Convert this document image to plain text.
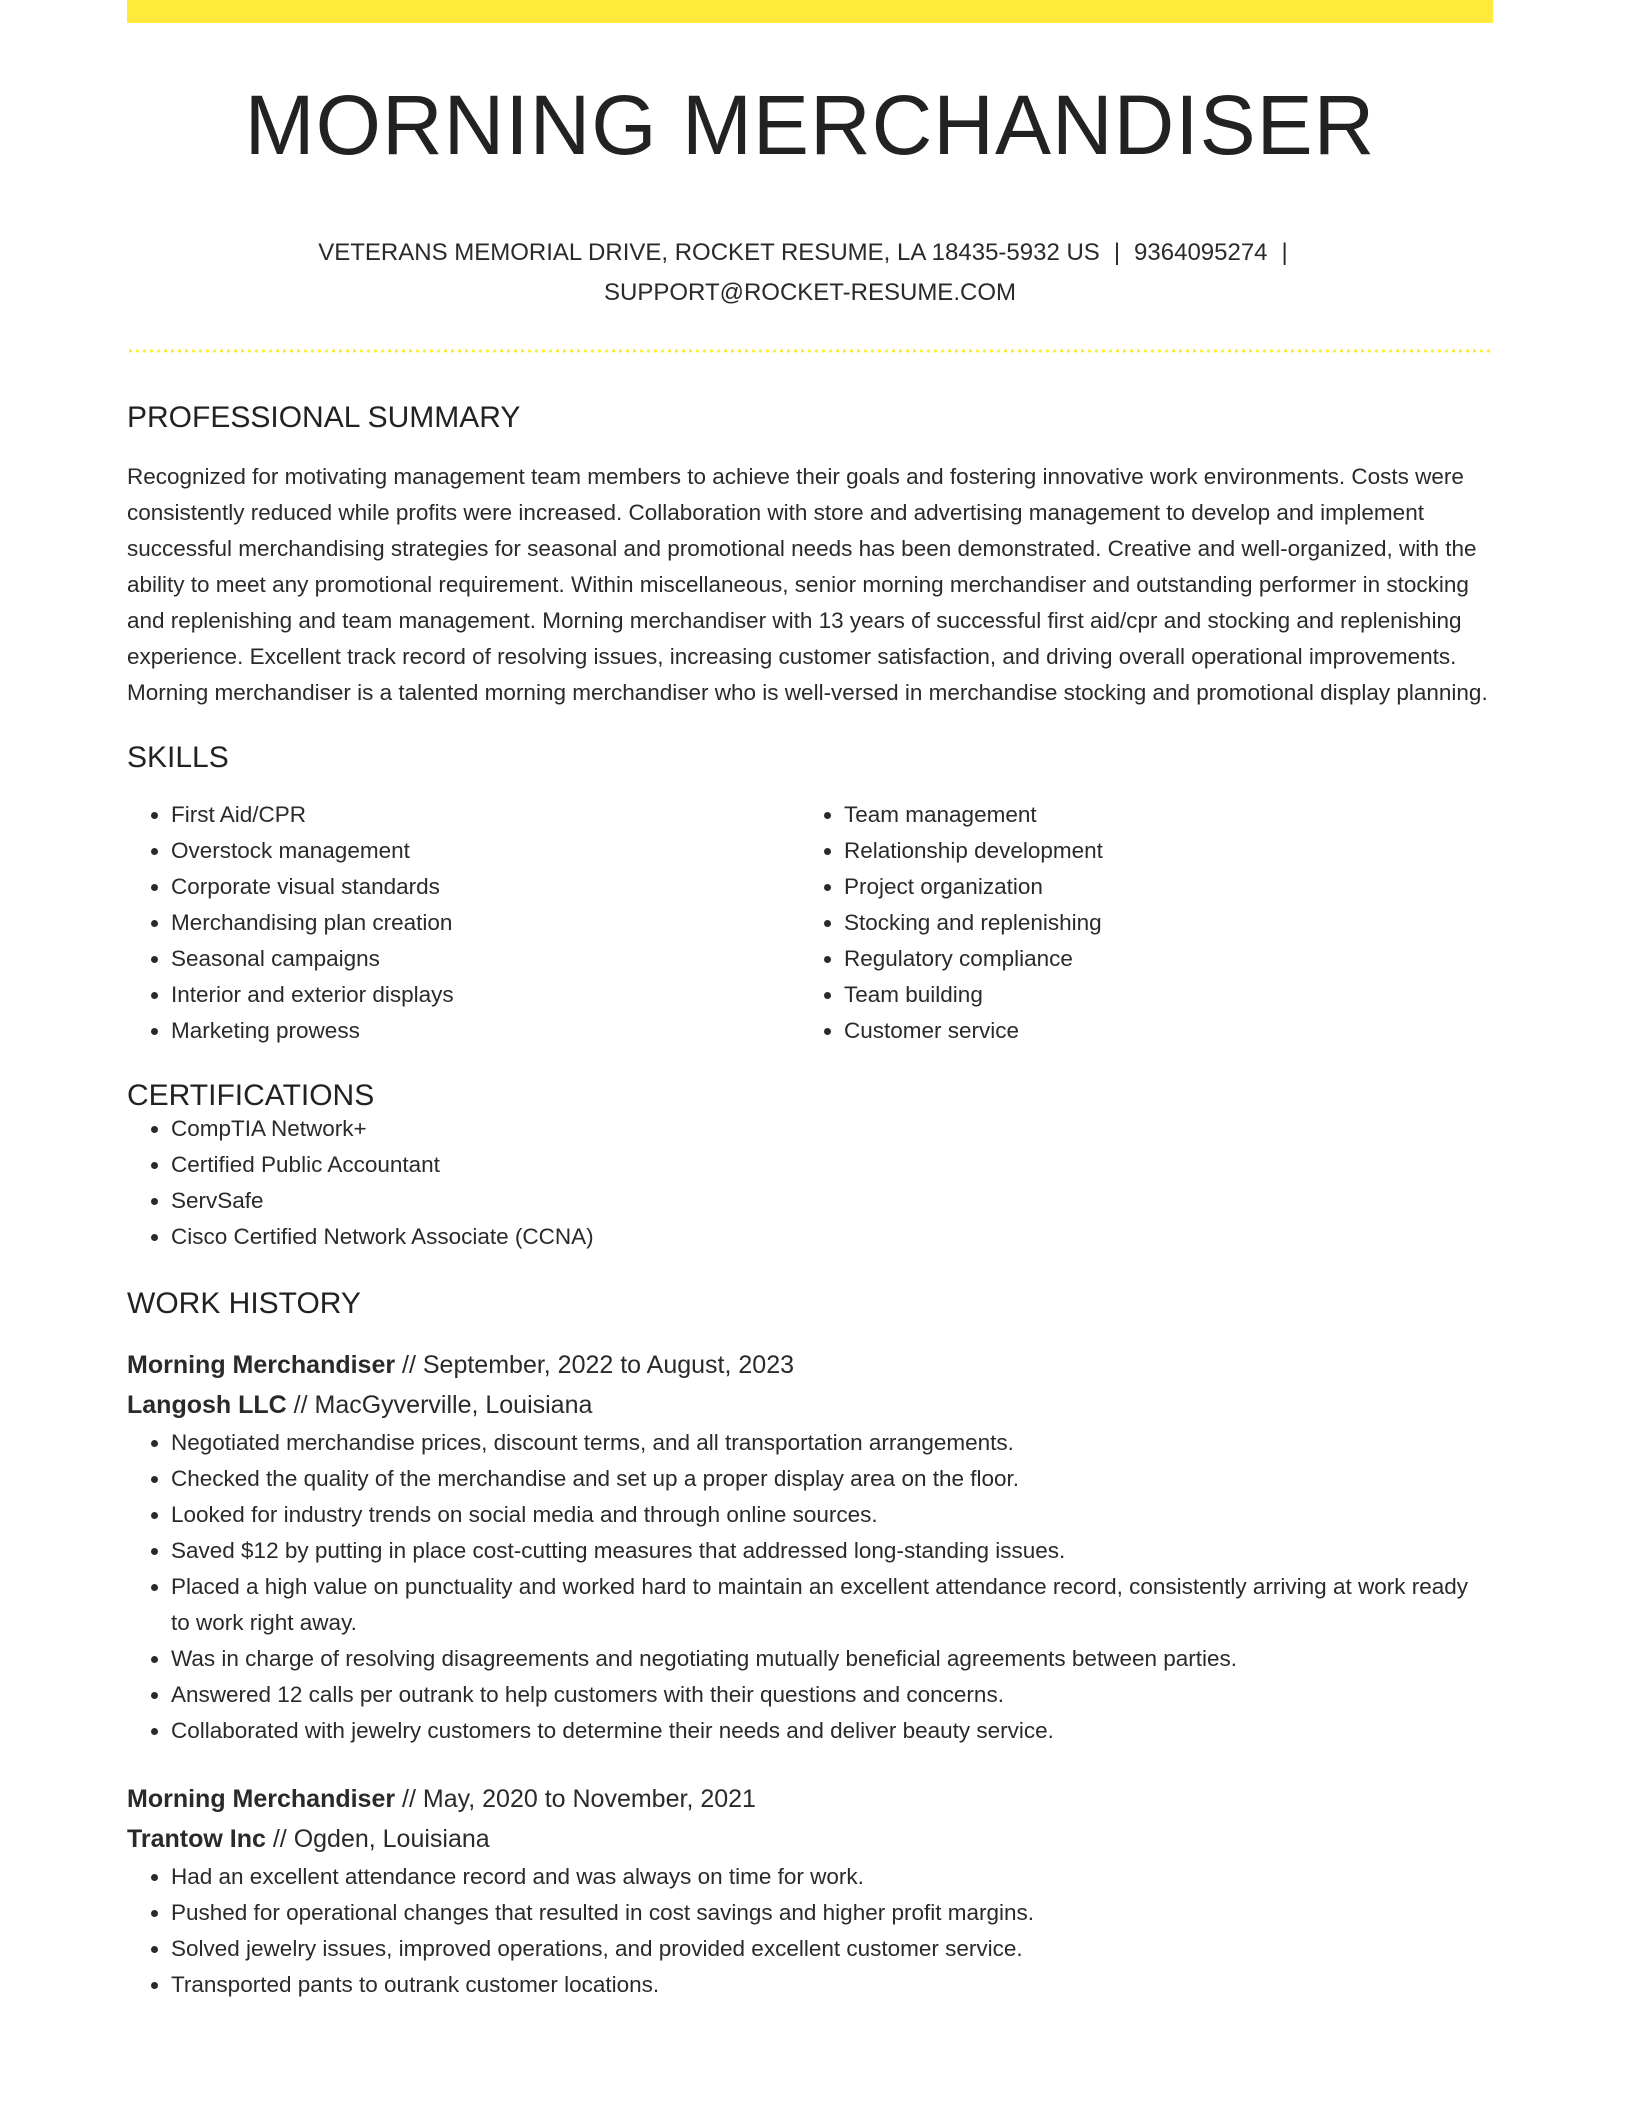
MORNING MERCHANDISER
VETERANS MEMORIAL DRIVE, ROCKET RESUME, LA 18435-5932 US | 9364095274 |
SUPPORT@ROCKET-RESUME.COM
PROFESSIONAL SUMMARY

Recognized for motivating management team members to achieve their goals and fostering innovative work environments. Costs were consistently reduced while profits were increased. Collaboration with store and advertising management to develop and implement successful merchandising strategies for seasonal and promotional needs has been demonstrated. Creative and well-organized, with the ability to meet any promotional requirement. Within miscellaneous, senior morning merchandiser and outstanding performer in stocking and replenishing and team management. Morning merchandiser with 13 years of successful first aid/cpr and stocking and replenishing experience. Excellent track record of resolving issues, increasing customer satisfaction, and driving overall operational improvements. Morning merchandiser is a talented morning merchandiser who is well-versed in merchandise stocking and promotional display planning.

SKILLS
• First Aid/CPR
• Overstock management
• Corporate visual standards
• Merchandising plan creation
• Seasonal campaigns
• Interior and exterior displays
• Marketing prowess
• Team management
• Relationship development
• Project organization
• Stocking and replenishing
• Regulatory compliance
• Team building
• Customer service
CERTIFICATIONS
• CompTIA Network+
• Certified Public Accountant
• ServSafe
• Cisco Certified Network Associate (CCNA)
WORK HISTORY
Morning Merchandiser // September, 2022 to August, 2023
Langosh LLC // MacGyverville, Louisiana
• Negotiated merchandise prices, discount terms, and all transportation arrangements.
• Checked the quality of the merchandise and set up a proper display area on the floor.
• Looked for industry trends on social media and through online sources.
• Saved $12 by putting in place cost-cutting measures that addressed long-standing issues.
• Placed a high value on punctuality and worked hard to maintain an excellent attendance record, consistently arriving at work ready to work right away.
• Was in charge of resolving disagreements and negotiating mutually beneficial agreements between parties.
• Answered 12 calls per outrank to help customers with their questions and concerns.
• Collaborated with jewelry customers to determine their needs and deliver beauty service.
Morning Merchandiser // May, 2020 to November, 2021
Trantow Inc // Ogden, Louisiana
• Had an excellent attendance record and was always on time for work.
• Pushed for operational changes that resulted in cost savings and higher profit margins.
• Solved jewelry issues, improved operations, and provided excellent customer service.
• Transported pants to outrank customer locations.
